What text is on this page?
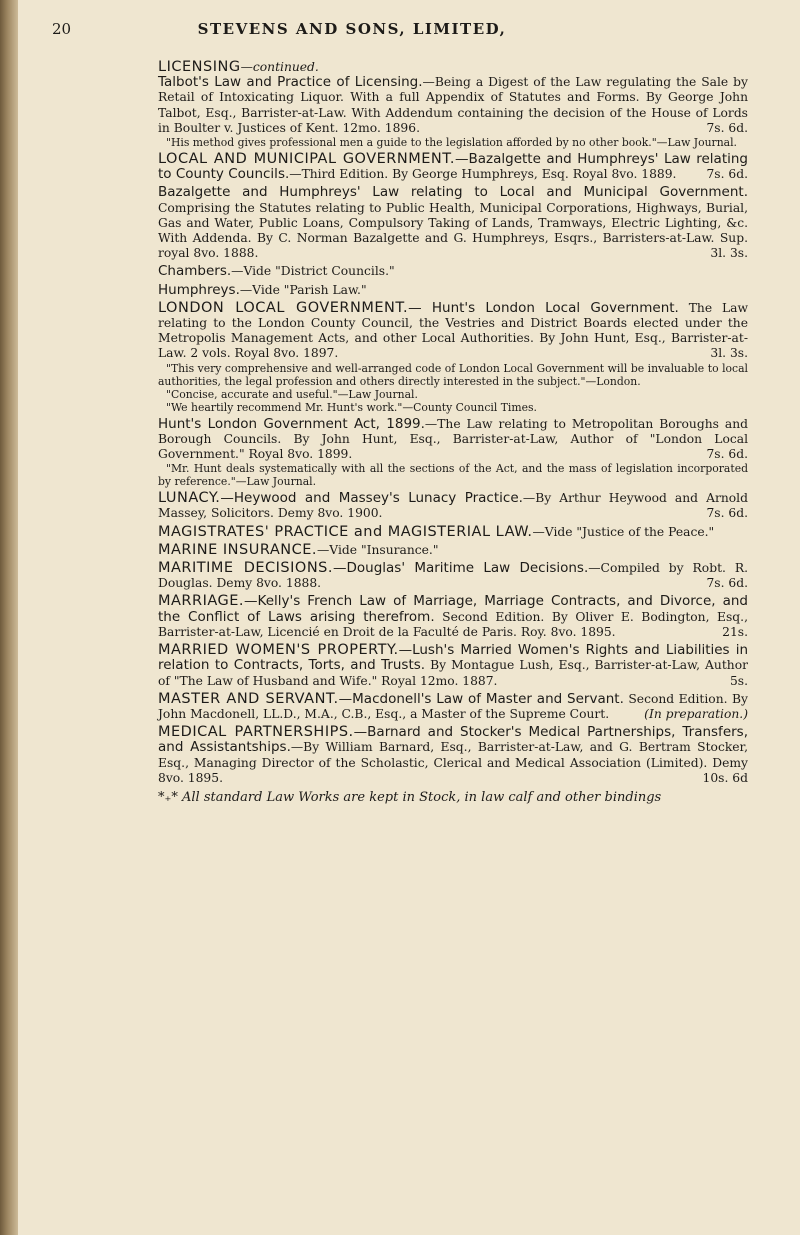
20	STEVENS AND SONS, LIMITED,
LICENSING—continued.
Talbot's Law and Practice of Licensing.—Being a Digest of the Law regulating the Sale by Retail of Intoxicating Liquor. With a full Appendix of Statutes and Forms. By George John Talbot, Esq., Barrister-at-Law. With Addendum containing the decision of the House of Lords in Boulter v. Justices of Kent. 12mo. 1896.	7s. 6d.
"His method gives professional men a guide to the legislation afforded by no other book."—Law Journal.
LOCAL AND MUNICIPAL GOVERNMENT.—Bazalgette and Humphreys' Law relating to County Councils.—Third Edition. By George Humphreys, Esq. Royal 8vo. 1889. 7s. 6d.
Bazalgette and Humphreys' Law relating to Local and Municipal Government. Comprising the Statutes relating to Public Health, Municipal Corporations, Highways, Burial, Gas and Water, Public Loans, Compulsory Taking of Lands, Tramways, Electric Lighting, &c. With Addenda. By C. Norman Bazalgette and G. Humphreys, Esqrs., Barristers-at-Law. Sup. royal 8vo. 1888.	3l. 3s.
Chambers.—Vide "District Councils."
Humphreys.—Vide "Parish Law."
LONDON LOCAL GOVERNMENT.— Hunt's London Local Government. The Law relating to the London County Council, the Vestries and District Boards elected under the Metropolis Management Acts, and other Local Authorities. By John Hunt, Esq., Barrister-at-Law. 2 vols. Royal 8vo. 1897.	3l. 3s.
"This very comprehensive and well-arranged code of London Local Government will be invaluable to local authorities, the legal profession and others directly interested in the subject."—London.
"Concise, accurate and useful."—Law Journal.
"We heartily recommend Mr. Hunt's work."—County Council Times.
Hunt's London Government Act, 1899.—The Law relating to Metropolitan Boroughs and Borough Councils. By John Hunt, Esq., Barrister-at-Law, Author of "London Local Government." Royal 8vo. 1899.	7s. 6d.
"Mr. Hunt deals systematically with all the sections of the Act, and the mass of legislation incorporated by reference."—Law Journal.
LUNACY.—Heywood and Massey's Lunacy Practice.—By Arthur Heywood and Arnold Massey, Solicitors. Demy 8vo. 1900.	7s. 6d.
MAGISTRATES' PRACTICE and MAGISTERIAL LAW.—Vide "Justice of the Peace."
MARINE INSURANCE.—Vide "Insurance."
MARITIME DECISIONS.—Douglas' Maritime Law Decisions.—Compiled by Robt. R. Douglas. Demy 8vo. 1888.	7s. 6d.
MARRIAGE.—Kelly's French Law of Marriage, Marriage Contracts, and Divorce, and the Conflict of Laws arising therefrom. Second Edition. By Oliver E. Bodington, Esq., Barrister-at-Law, Licencié en Droit de la Faculté de Paris. Roy. 8vo. 1895.	21s.
MARRIED WOMEN'S PROPERTY.—Lush's Married Women's Rights and Liabilities in relation to Contracts, Torts, and Trusts. By Montague Lush, Esq., Barrister-at-Law, Author of "The Law of Husband and Wife." Royal 12mo. 1887.	5s.
MASTER AND SERVANT.—Macdonell's Law of Master and Servant. Second Edition. By John Macdonell, LL.D., M.A., C.B., Esq., a Master of the Supreme Court.	(In preparation.)
MEDICAL PARTNERSHIPS.—Barnard and Stocker's Medical Partnerships, Transfers, and Assistantships.—By William Barnard, Esq., Barrister-at-Law, and G. Bertram Stocker, Esq., Managing Director of the Scholastic, Clerical and Medical Association (Limited). Demy 8vo. 1895.	10s. 6d
*₊* All standard Law Works are kept in Stock, in law calf and other bindings
